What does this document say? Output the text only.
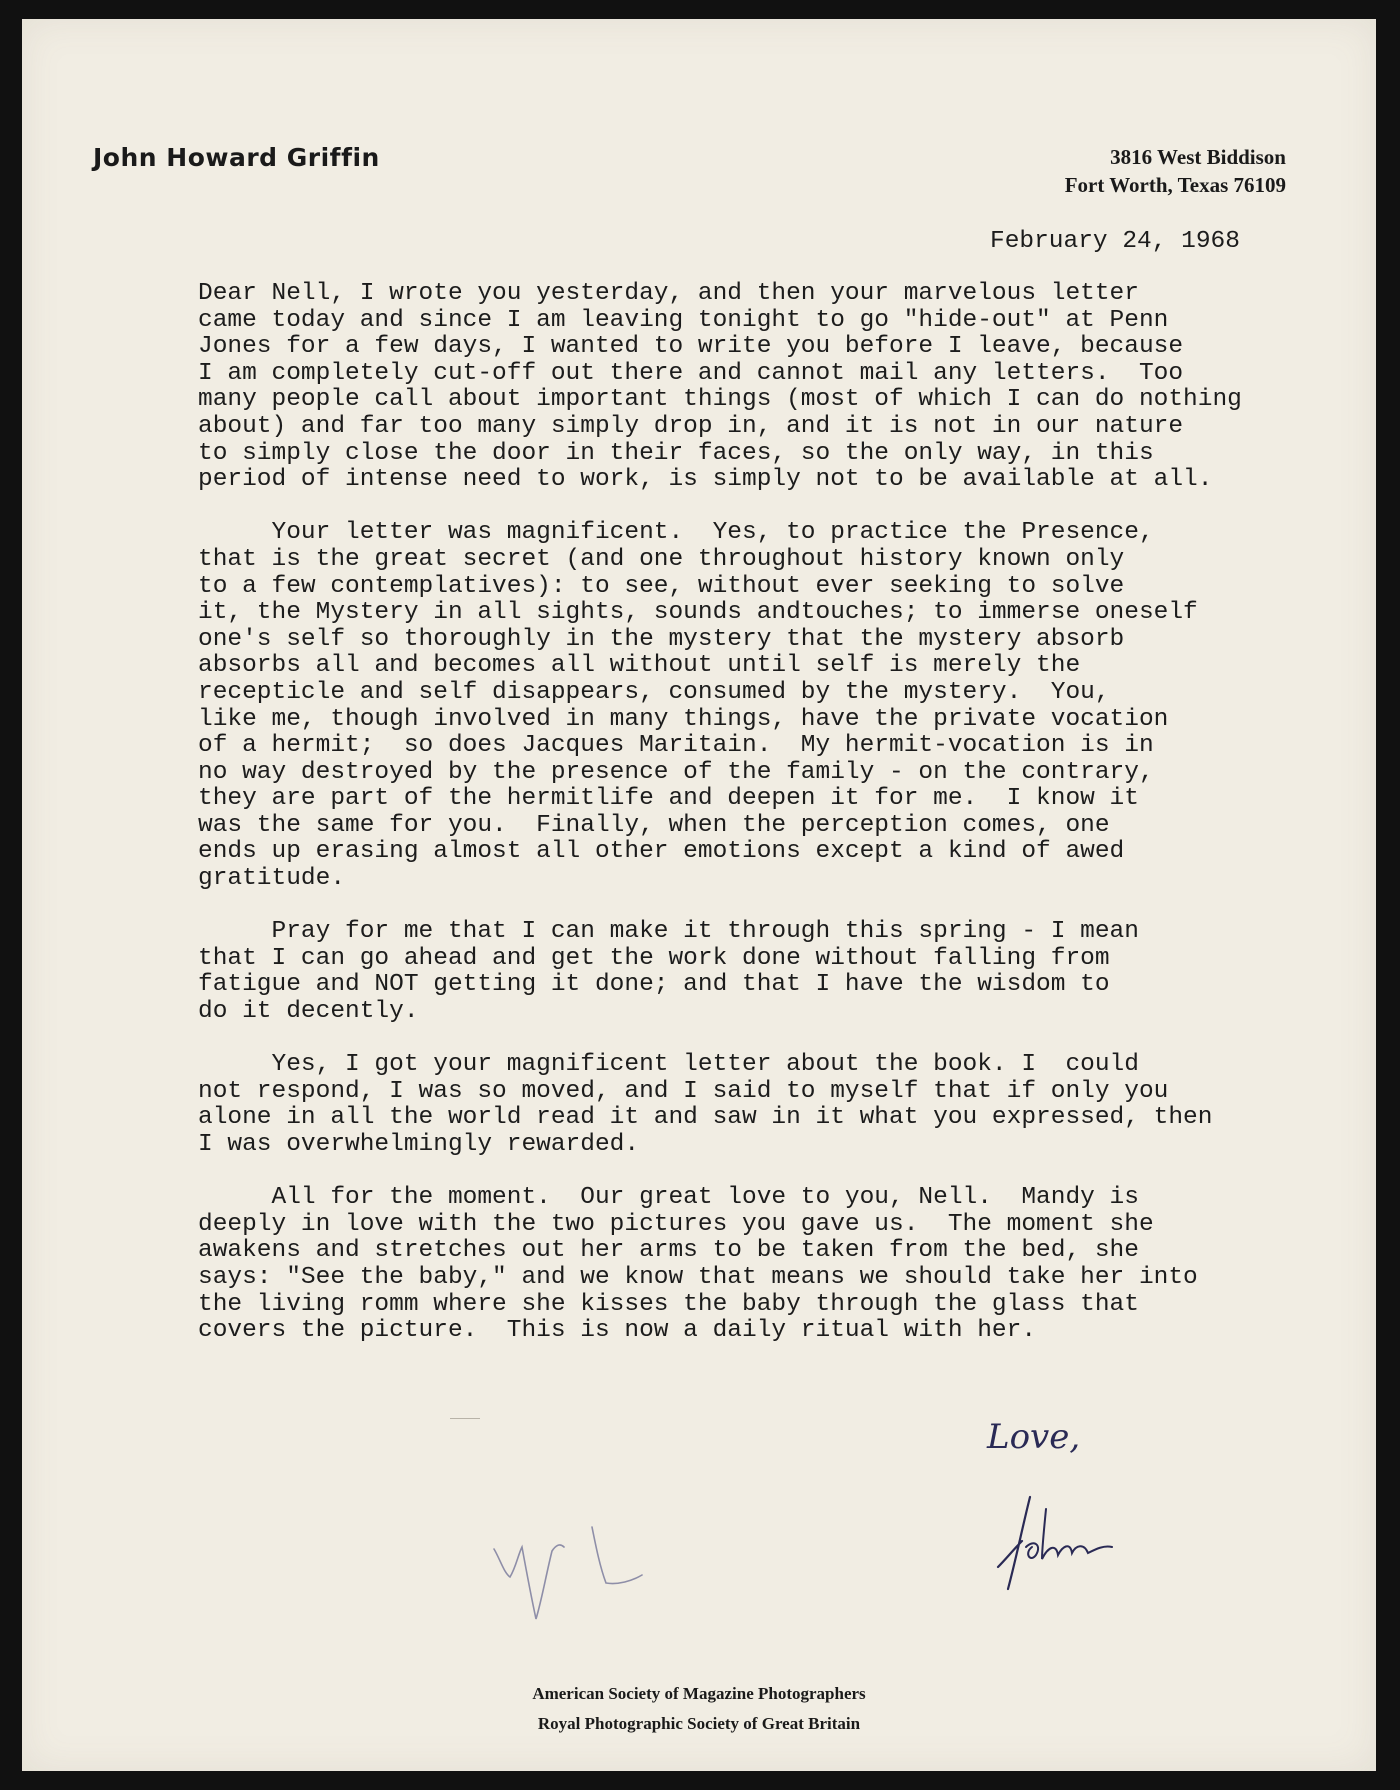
John Howard Griffin	3816 West Biddison
Fort Worth, Texas 76109
February 24, 1968
Dear Nell, I wrote you yesterday, and then your marvelous letter
came today and since I am leaving tonight to go "hide-out" at Penn
Jones for a few days, I wanted to write you before I leave, because
I am completely cut-off out there and cannot mail any letters.  Too
many people call about important things (most of which I can do nothing
about) and far too many simply drop in, and it is not in our nature
to simply close the door in their faces, so the only way, in this
period of intense need to work, is simply not to be available at all.
Your letter was magnificent.  Yes, to practice the Presence,
that is the great secret (and one throughout history known only
to a few contemplatives): to see, without ever seeking to solve
it, the Mystery in all sights, sounds andtouches; to immerse oneself
one's self so thoroughly in the mystery that the mystery absorb
absorbs all and becomes all without until self is merely the
recepticle and self disappears, consumed by the mystery.  You,
like me, though involved in many things, have the private vocation
of a hermit;  so does Jacques Maritain.  My hermit-vocation is in
no way destroyed by the presence of the family - on the contrary,
they are part of the hermitlife and deepen it for me.  I know it
was the same for you.  Finally, when the perception comes, one
ends up erasing almost all other emotions except a kind of awed
gratitude.
Pray for me that I can make it through this spring - I mean
that I can go ahead and get the work done without falling from
fatigue and NOT getting it done; and that I have the wisdom to
do it decently.
Yes, I got your magnificent letter about the book. I  could
not respond, I was so moved, and I said to myself that if only you
alone in all the world read it and saw in it what you expressed, then
I was overwhelmingly rewarded.
All for the moment.  Our great love to you, Nell.  Mandy is
deeply in love with the two pictures you gave us.  The moment she
awakens and stretches out her arms to be taken from the bed, she
says: "See the baby," and we know that means we should take her into
the living romm where she kisses the baby through the glass that
covers the picture.  This is now a daily ritual with her.
Love,
American Society of Magazine Photographers
Royal Photographic Society of Great Britain
